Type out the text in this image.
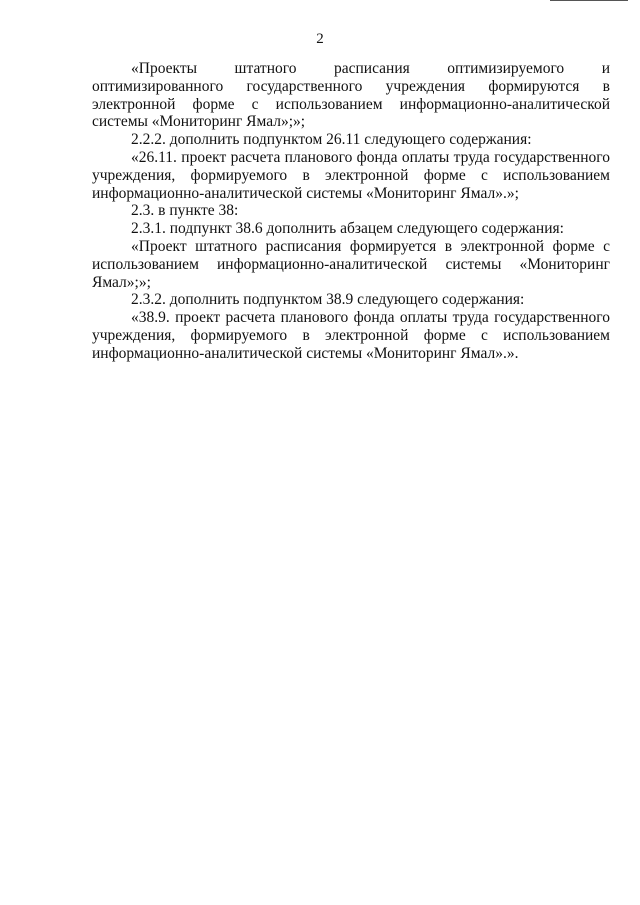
2

«Проекты штатного расписания оптимизируемого и оптимизированного государственного учреждения формируются в электронной форме с использованием информационно-аналитической системы «Мониторинг Ямал»;»;

2.2.2. дополнить подпунктом 26.11 следующего содержания:

«26.11. проект расчета планового фонда оплаты труда государственного учреждения, формируемого в электронной форме с использованием информационно-аналитической системы «Мониторинг Ямал».»;

2.3. в пункте 38:

2.3.1. подпункт 38.6 дополнить абзацем следующего содержания:

«Проект штатного расписания формируется в электронной форме с использованием информационно-аналитической системы «Мониторинг Ямал»;»;

2.3.2. дополнить подпунктом 38.9 следующего содержания:

«38.9. проект расчета планового фонда оплаты труда государственного учреждения, формируемого в электронной форме с использованием информационно-аналитической системы «Мониторинг Ямал».».
